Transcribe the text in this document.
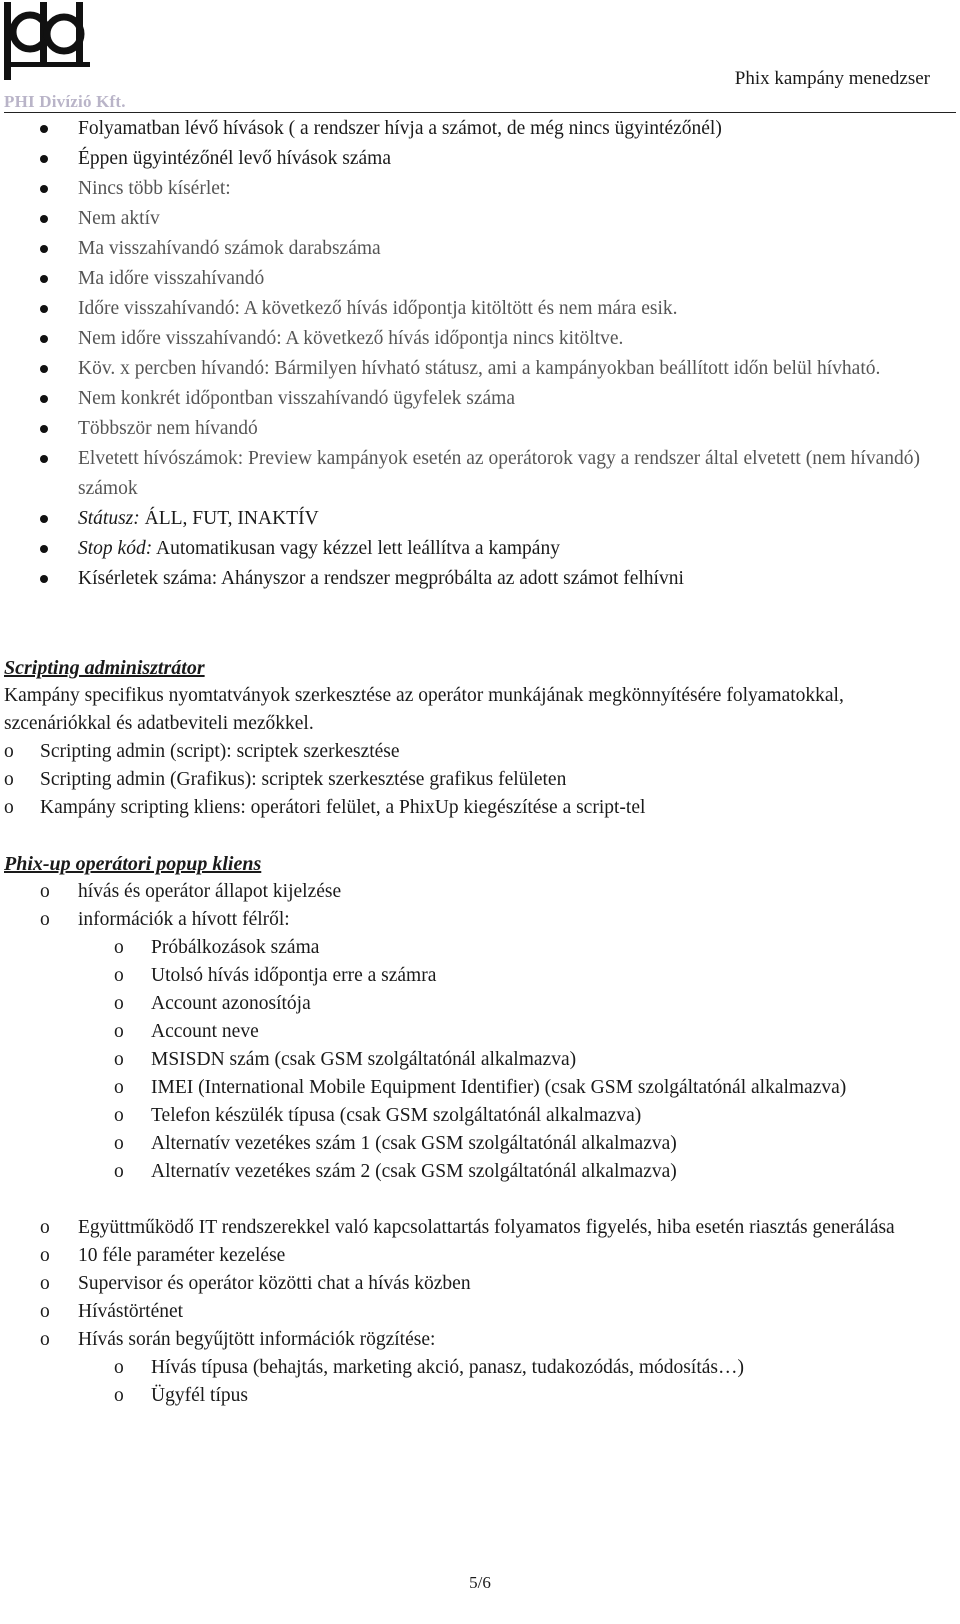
PHI Divízió Kft.
Phix kampány menedzser
Folyamatban lévő hívások ( a rendszer hívja a számot, de még nincs ügyintézőnél)
Éppen ügyintézőnél levő hívások száma
Nincs több kísérlet:
Nem aktív
Ma visszahívandó számok darabszáma
Ma időre visszahívandó
Időre visszahívandó: A következő hívás időpontja kitöltött és nem mára esik.
Nem időre visszahívandó: A következő hívás időpontja nincs kitöltve.
Köv. x percben hívandó: Bármilyen hívható státusz, ami a kampányokban beállított időn belül hívható.
Nem konkrét időpontban visszahívandó ügyfelek száma
Többször nem hívandó
Elvetett hívószámok: Preview kampányok esetén az operátorok vagy a rendszer által elvetett (nem hívandó) számok
Státusz: ÁLL, FUT, INAKTÍV
Stop kód: Automatikusan vagy kézzel lett leállítva a kampány
Kísérletek száma: Ahányszor a rendszer megpróbálta az adott számot felhívni
Scripting adminisztrátor
Kampány specifikus nyomtatványok szerkesztése az operátor munkájának megkönnyítésére folyamatokkal, szcenáriókkal és adatbeviteli mezőkkel.
o Scripting admin (script): scriptek szerkesztése
o Scripting admin (Grafikus): scriptek szerkesztése grafikus felületen
o Kampány scripting kliens: operátori felület, a PhixUp kiegészítése a script-tel
Phix-up operátori popup kliens
o hívás és operátor állapot kijelzése
o információk a hívott félről:
o Próbálkozások száma
o Utolsó hívás időpontja erre a számra
o Account azonosítója
o Account neve
o MSISDN szám (csak GSM szolgáltatónál alkalmazva)
o IMEI (International Mobile Equipment Identifier) (csak GSM szolgáltatónál alkalmazva)
o Telefon készülék típusa (csak GSM szolgáltatónál alkalmazva)
o Alternatív vezetékes szám 1 (csak GSM szolgáltatónál alkalmazva)
o Alternatív vezetékes szám 2 (csak GSM szolgáltatónál alkalmazva)
o Együttműködő IT rendszerekkel való kapcsolattartás folyamatos figyelés, hiba esetén riasztás generálása
o 10 féle paraméter kezelése
o Supervisor és operátor közötti chat a hívás közben
o Hívástörténet
o Hívás során begyűjtött információk rögzítése:
o Hívás típusa (behajtás, marketing akció, panasz, tudakozódás, módosítás…)
o Ügyfél típus
5/6
